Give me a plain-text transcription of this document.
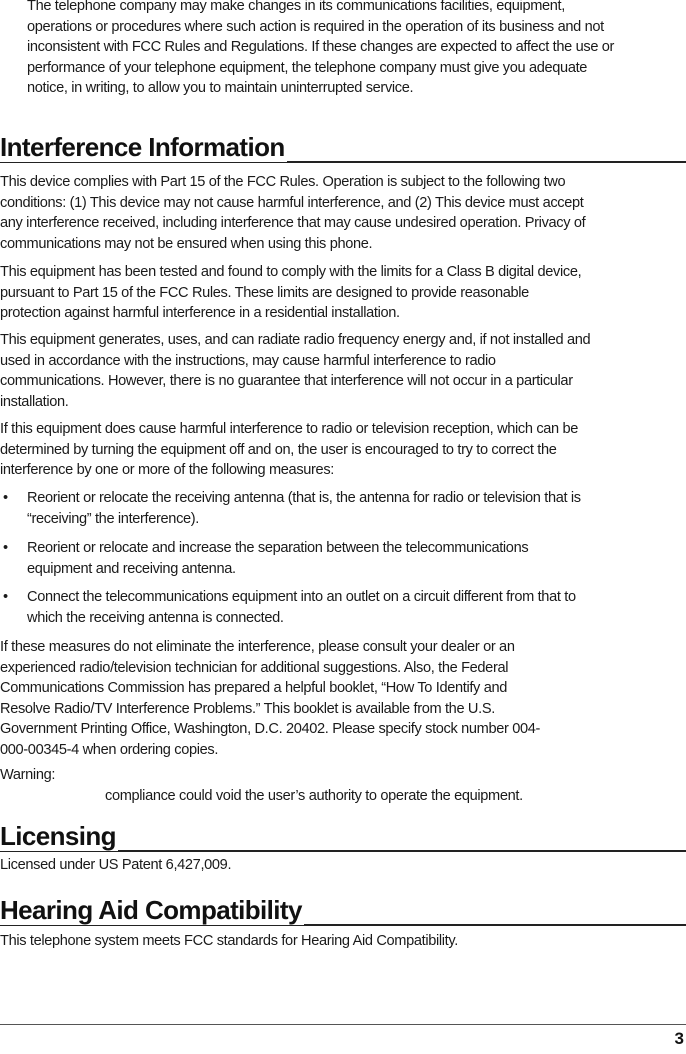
The telephone company may make changes in its communications facilities, equipment, operations or procedures where such action is required in the operation of its business and not inconsistent with FCC Rules and Regulations. If these changes are expected to affect the use or performance of your telephone equipment, the telephone company must give you adequate notice, in writing, to allow you to maintain uninterrupted service.

Interference Information

This device complies with Part 15 of the FCC Rules. Operation is subject to the following two conditions: (1) This device may not cause harmful interference, and (2) This device must accept any interference received, including interference that may cause undesired operation. Privacy of communications may not be ensured when using this phone.

This equipment has been tested and found to comply with the limits for a Class B digital device, pursuant to Part 15 of the FCC Rules. These limits are designed to provide reasonable protection against harmful interference in a residential installation.

This equipment generates, uses, and can radiate radio frequency energy and, if not installed and used in accordance with the instructions, may cause harmful interference to radio communications. However, there is no guarantee that interference will not occur in a particular installation.

If this equipment does cause harmful interference to radio or television reception, which can be determined by turning the equipment off and on, the user is encouraged to try to correct the interference by one or more of the following measures:

• Reorient or relocate the receiving antenna (that is, the antenna for radio or television that is “receiving” the interference).
• Reorient or relocate and increase the separation between the telecommunications equipment and receiving antenna.
• Connect the telecommunications equipment into an outlet on a circuit different from that to which the receiving antenna is connected.

If these measures do not eliminate the interference, please consult your dealer or an experienced radio/television technician for additional suggestions. Also, the Federal Communications Commission has prepared a helpful booklet, “How To Identify and Resolve Radio/TV Interference Problems.” This booklet is available from the U.S. Government Printing Office, Washington, D.C. 20402. Please specify stock number 004-000-00345-4 when ordering copies.

Warning:

compliance could void the user’s authority to operate the equipment.

Licensing

Licensed under US Patent 6,427,009.

Hearing Aid Compatibility

This telephone system meets FCC standards for Hearing Aid Compatibility.

3
